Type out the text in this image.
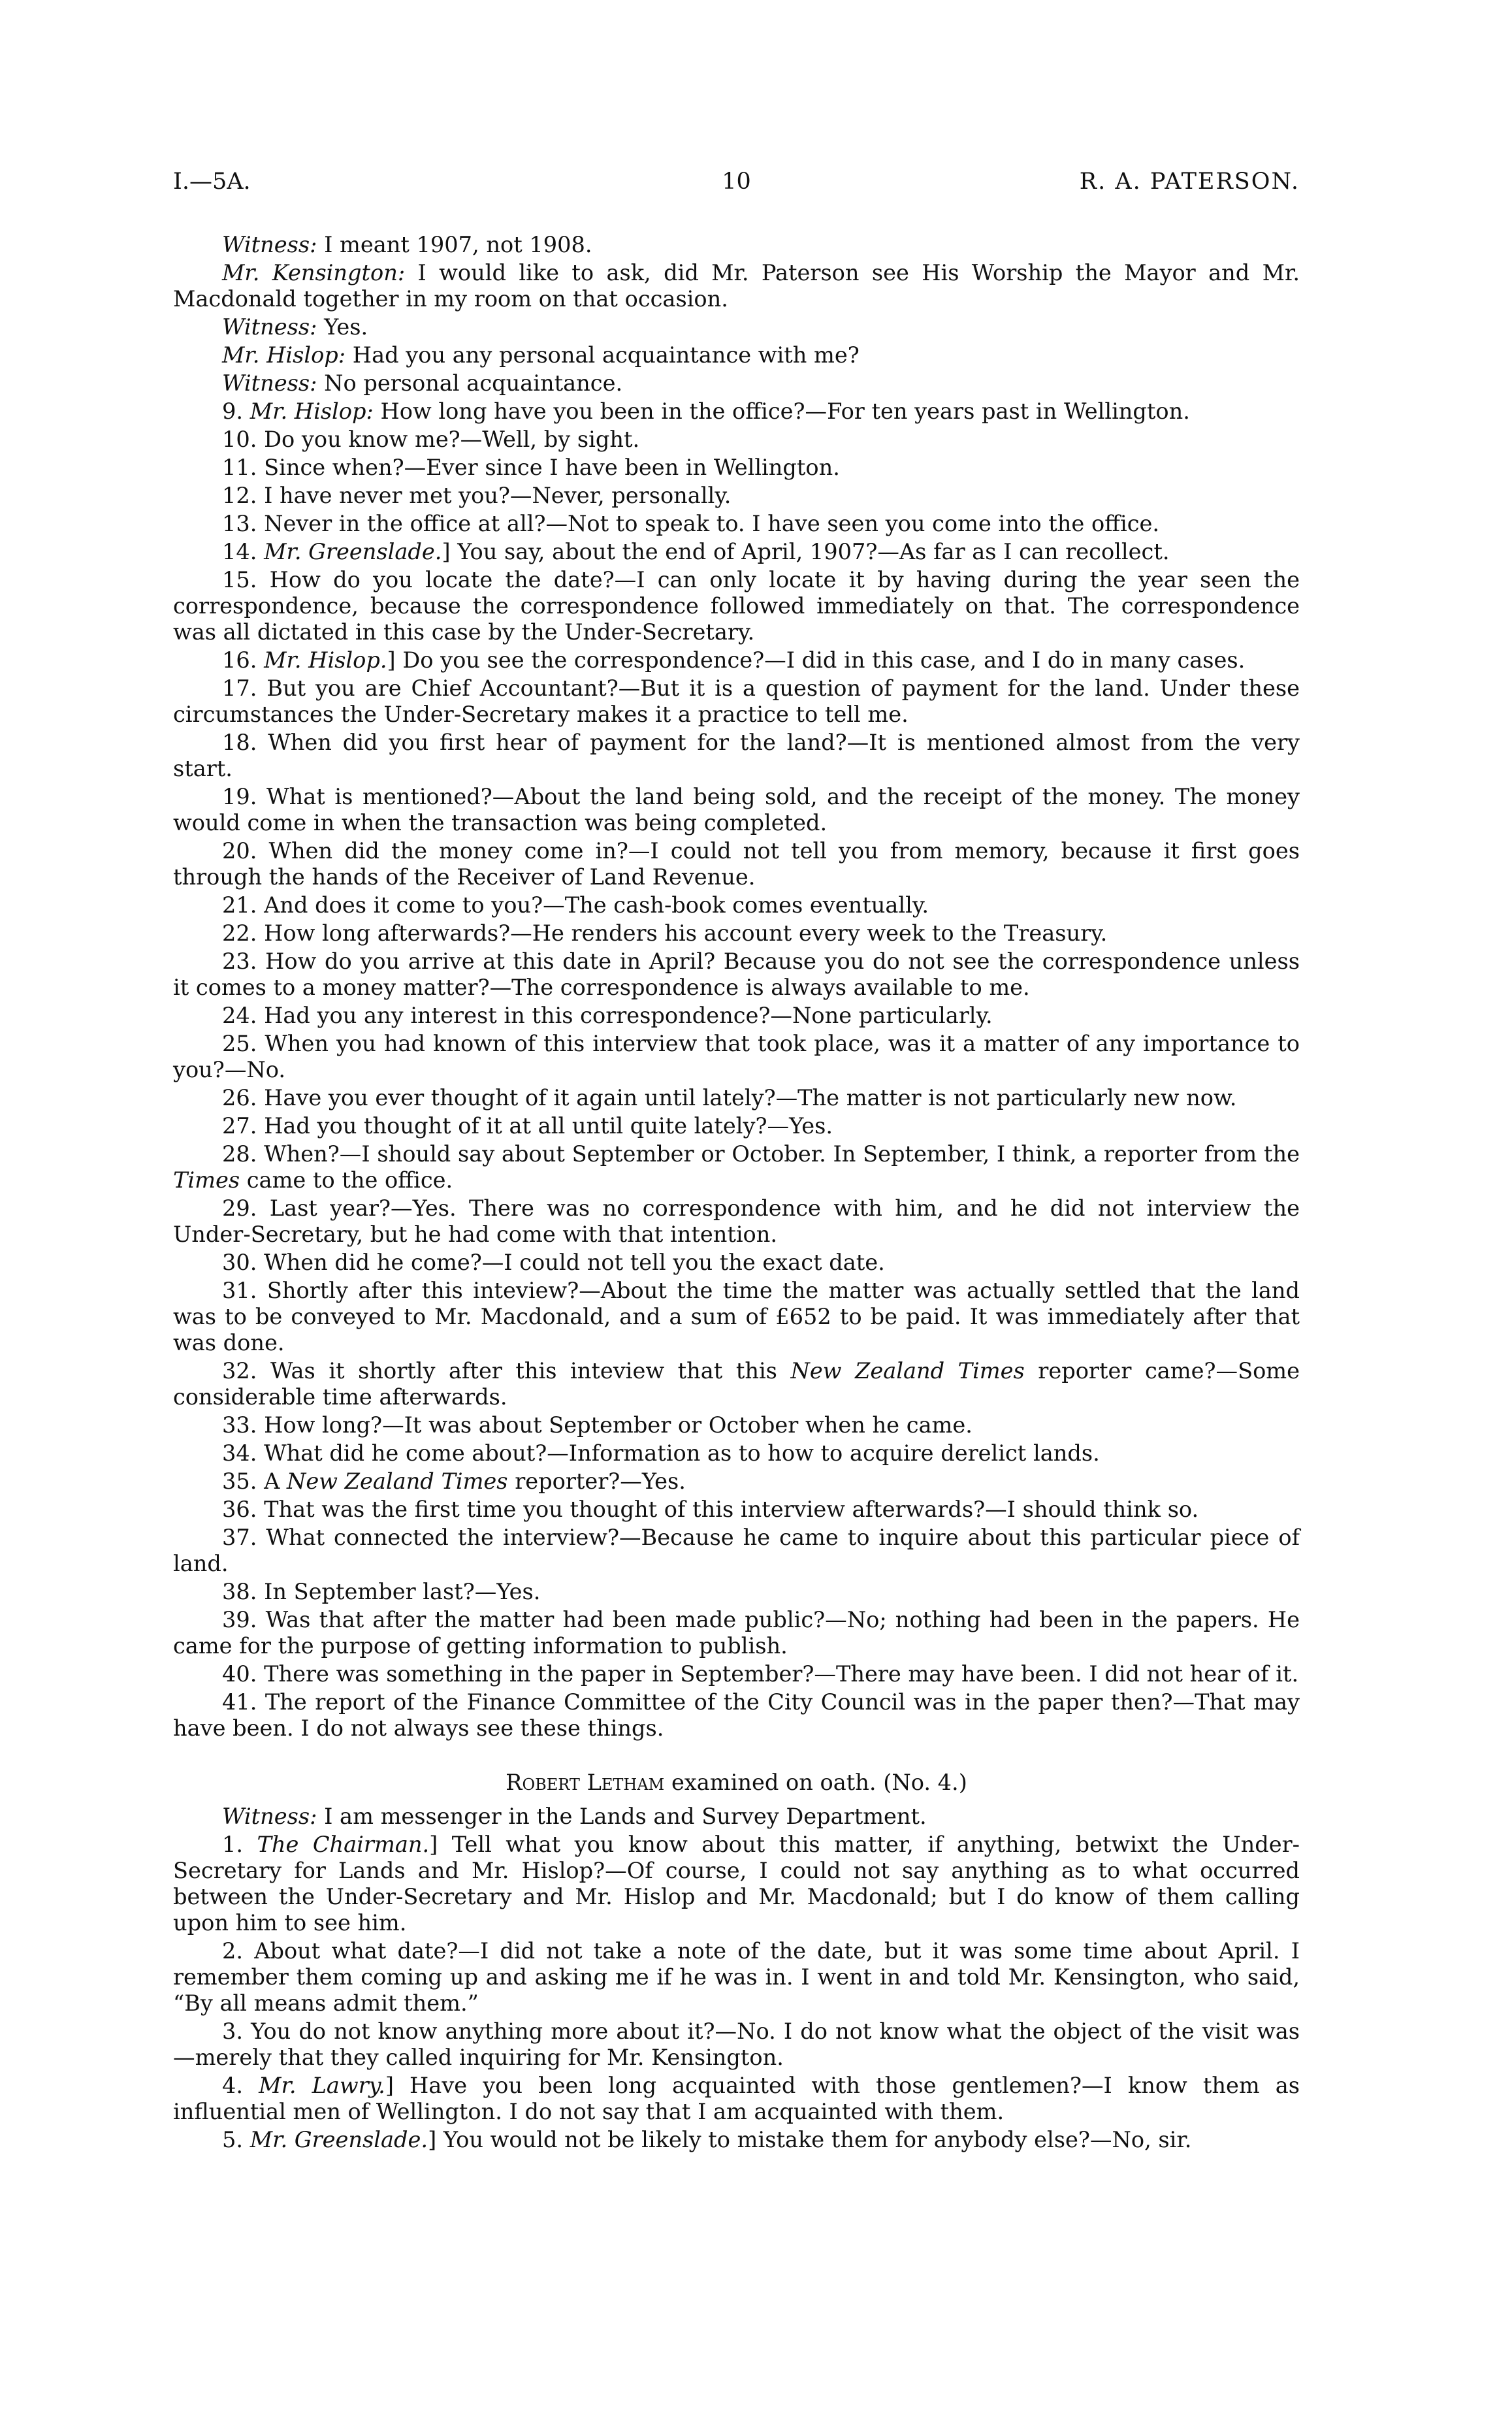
I.—5A.	10	R. A. PATERSON.

Witness: I meant 1907, not 1908.

Mr. Kensington: I would like to ask, did Mr. Paterson see His Worship the Mayor and Mr. Macdonald together in my room on that occasion.

Witness: Yes.

Mr. Hislop: Had you any personal acquaintance with me?

Witness: No personal acquaintance.

9. Mr. Hislop: How long have you been in the office?—For ten years past in Wellington.

10. Do you know me?—Well, by sight.

11. Since when?—Ever since I have been in Wellington.

12. I have never met you?—Never, personally.

13. Never in the office at all?—Not to speak to. I have seen you come into the office.

14. Mr. Greenslade.] You say, about the end of April, 1907?—As far as I can recollect.

15. How do you locate the date?—I can only locate it by having during the year seen the correspondence, because the correspondence followed immediately on that. The correspondence was all dictated in this case by the Under-Secretary.

16. Mr. Hislop.] Do you see the correspondence?—I did in this case, and I do in many cases.

17. But you are Chief Accountant?—But it is a question of payment for the land. Under these circumstances the Under-Secretary makes it a practice to tell me.

18. When did you first hear of payment for the land?—It is mentioned almost from the very start.

19. What is mentioned?—About the land being sold, and the receipt of the money. The money would come in when the transaction was being completed.

20. When did the money come in?—I could not tell you from memory, because it first goes through the hands of the Receiver of Land Revenue.

21. And does it come to you?—The cash-book comes eventually.

22. How long afterwards?—He renders his account every week to the Treasury.

23. How do you arrive at this date in April? Because you do not see the correspondence unless it comes to a money matter?—The correspondence is always available to me.

24. Had you any interest in this correspondence?—None particularly.

25. When you had known of this interview that took place, was it a matter of any importance to you?—No.

26. Have you ever thought of it again until lately?—The matter is not particularly new now.

27. Had you thought of it at all until quite lately?—Yes.

28. When?—I should say about September or October. In September, I think, a reporter from the Times came to the office.

29. Last year?—Yes. There was no correspondence with him, and he did not interview the Under-Secretary, but he had come with that intention.

30. When did he come?—I could not tell you the exact date.

31. Shortly after this inteview?—About the time the matter was actually settled that the land was to be conveyed to Mr. Macdonald, and a sum of £652 to be paid. It was immediately after that was done.

32. Was it shortly after this inteview that this New Zealand Times reporter came?—Some considerable time afterwards.

33. How long?—It was about September or October when he came.

34. What did he come about?—Information as to how to acquire derelict lands.

35. A New Zealand Times reporter?—Yes.

36. That was the first time you thought of this interview afterwards?—I should think so.

37. What connected the interview?—Because he came to inquire about this particular piece of land.

38. In September last?—Yes.

39. Was that after the matter had been made public?—No; nothing had been in the papers. He came for the purpose of getting information to publish.

40. There was something in the paper in September?—There may have been. I did not hear of it.

41. The report of the Finance Committee of the City Council was in the paper then?—That may have been. I do not always see these things.

Robert Letham examined on oath. (No. 4.)

Witness: I am messenger in the Lands and Survey Department.

1. The Chairman.] Tell what you know about this matter, if anything, betwixt the Under-Secretary for Lands and Mr. Hislop?—Of course, I could not say anything as to what occurred between the Under-Secretary and Mr. Hislop and Mr. Macdonald; but I do know of them calling upon him to see him.

2. About what date?—I did not take a note of the date, but it was some time about April. I remember them coming up and asking me if he was in. I went in and told Mr. Kensington, who said, “By all means admit them.”

3. You do not know anything more about it?—No. I do not know what the object of the visit was—merely that they called inquiring for Mr. Kensington.

4. Mr. Lawry.] Have you been long acquainted with those gentlemen?—I know them as influential men of Wellington. I do not say that I am acquainted with them.

5. Mr. Greenslade.] You would not be likely to mistake them for anybody else?—No, sir.
